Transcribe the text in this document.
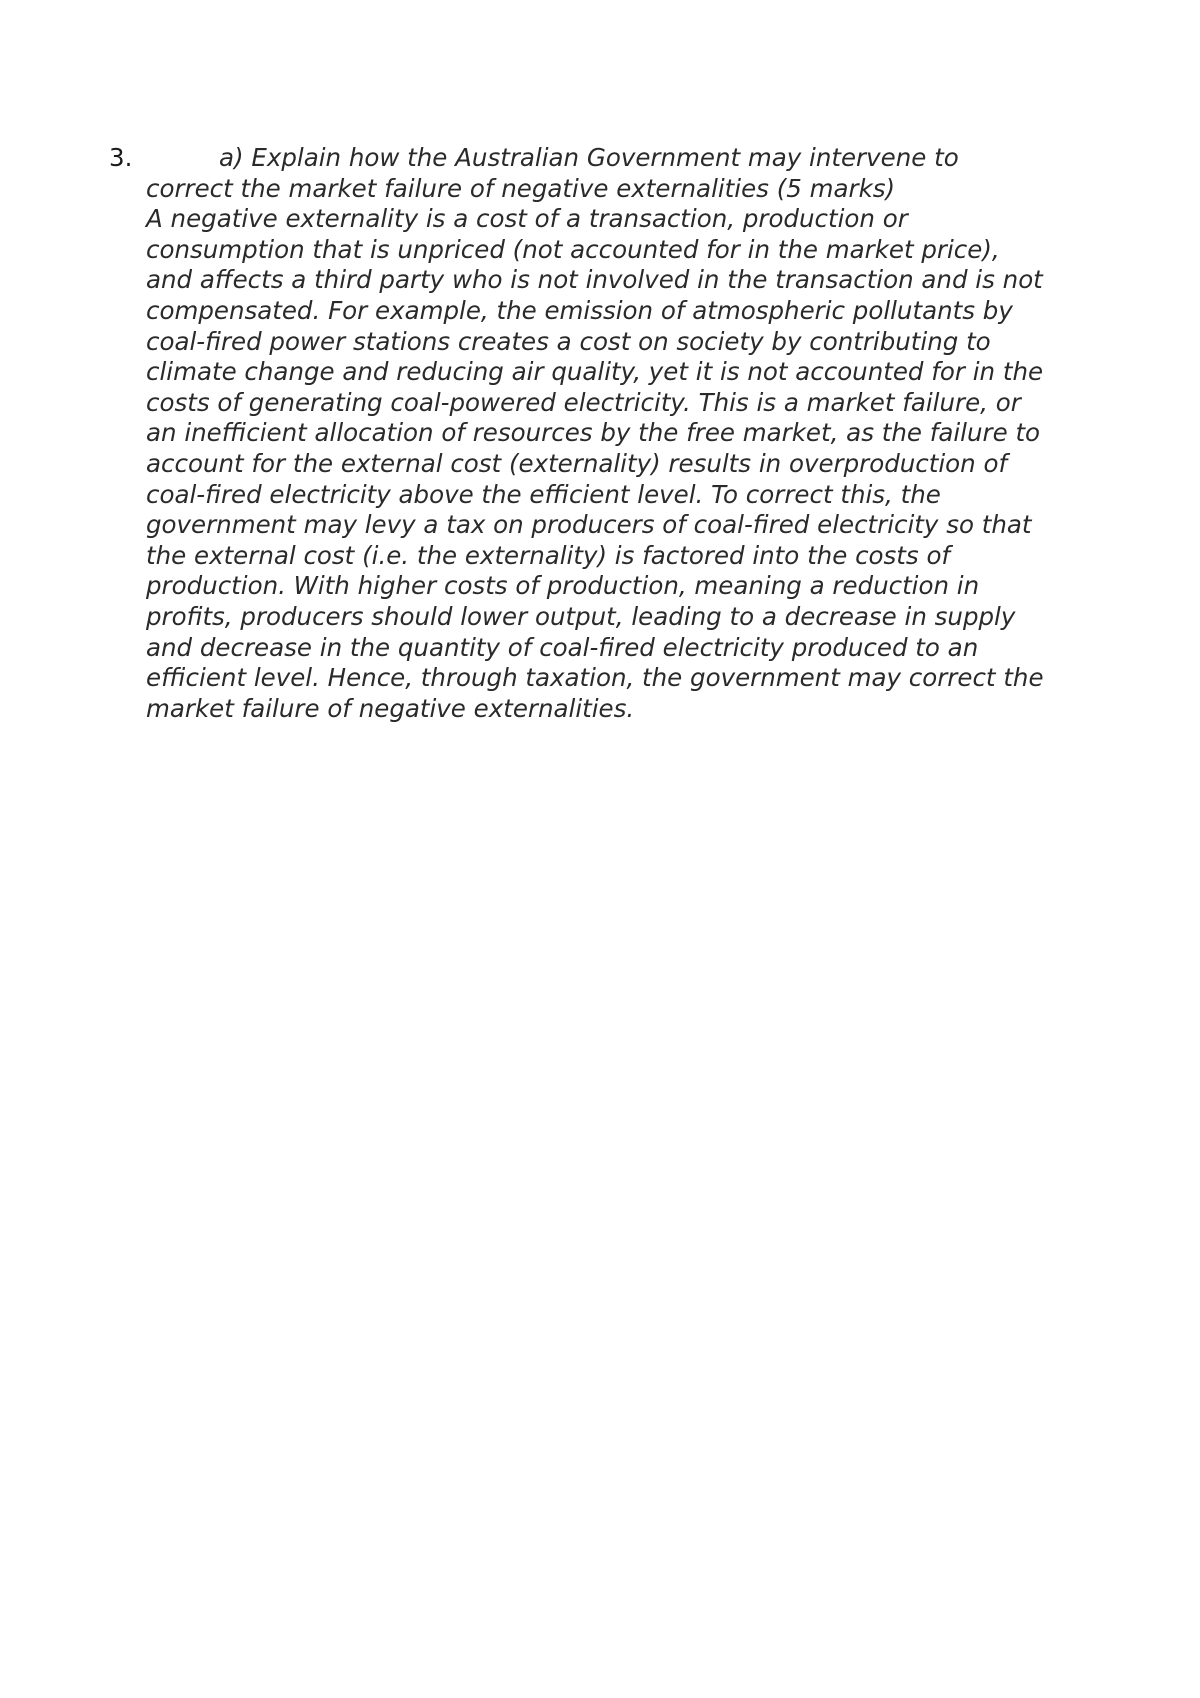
3.	a) Explain how the Australian Government may intervene to correct the market failure of negative externalities (5 marks)

A negative externality is a cost of a transaction, production or consumption that is unpriced (not accounted for in the market price), and affects a third party who is not involved in the transaction and is not compensated. For example, the emission of atmospheric pollutants by coal-fired power stations creates a cost on society by contributing to climate change and reducing air quality, yet it is not accounted for in the costs of generating coal-powered electricity. This is a market failure, or an inefficient allocation of resources by the free market, as the failure to account for the external cost (externality) results in overproduction of coal-fired electricity above the efficient level. To correct this, the government may levy a tax on producers of coal-fired electricity so that the external cost (i.e. the externality) is factored into the costs of production. With higher costs of production, meaning a reduction in profits, producers should lower output, leading to a decrease in supply and decrease in the quantity of coal-fired electricity produced to an efficient level. Hence, through taxation, the government may correct the market failure of negative externalities.
